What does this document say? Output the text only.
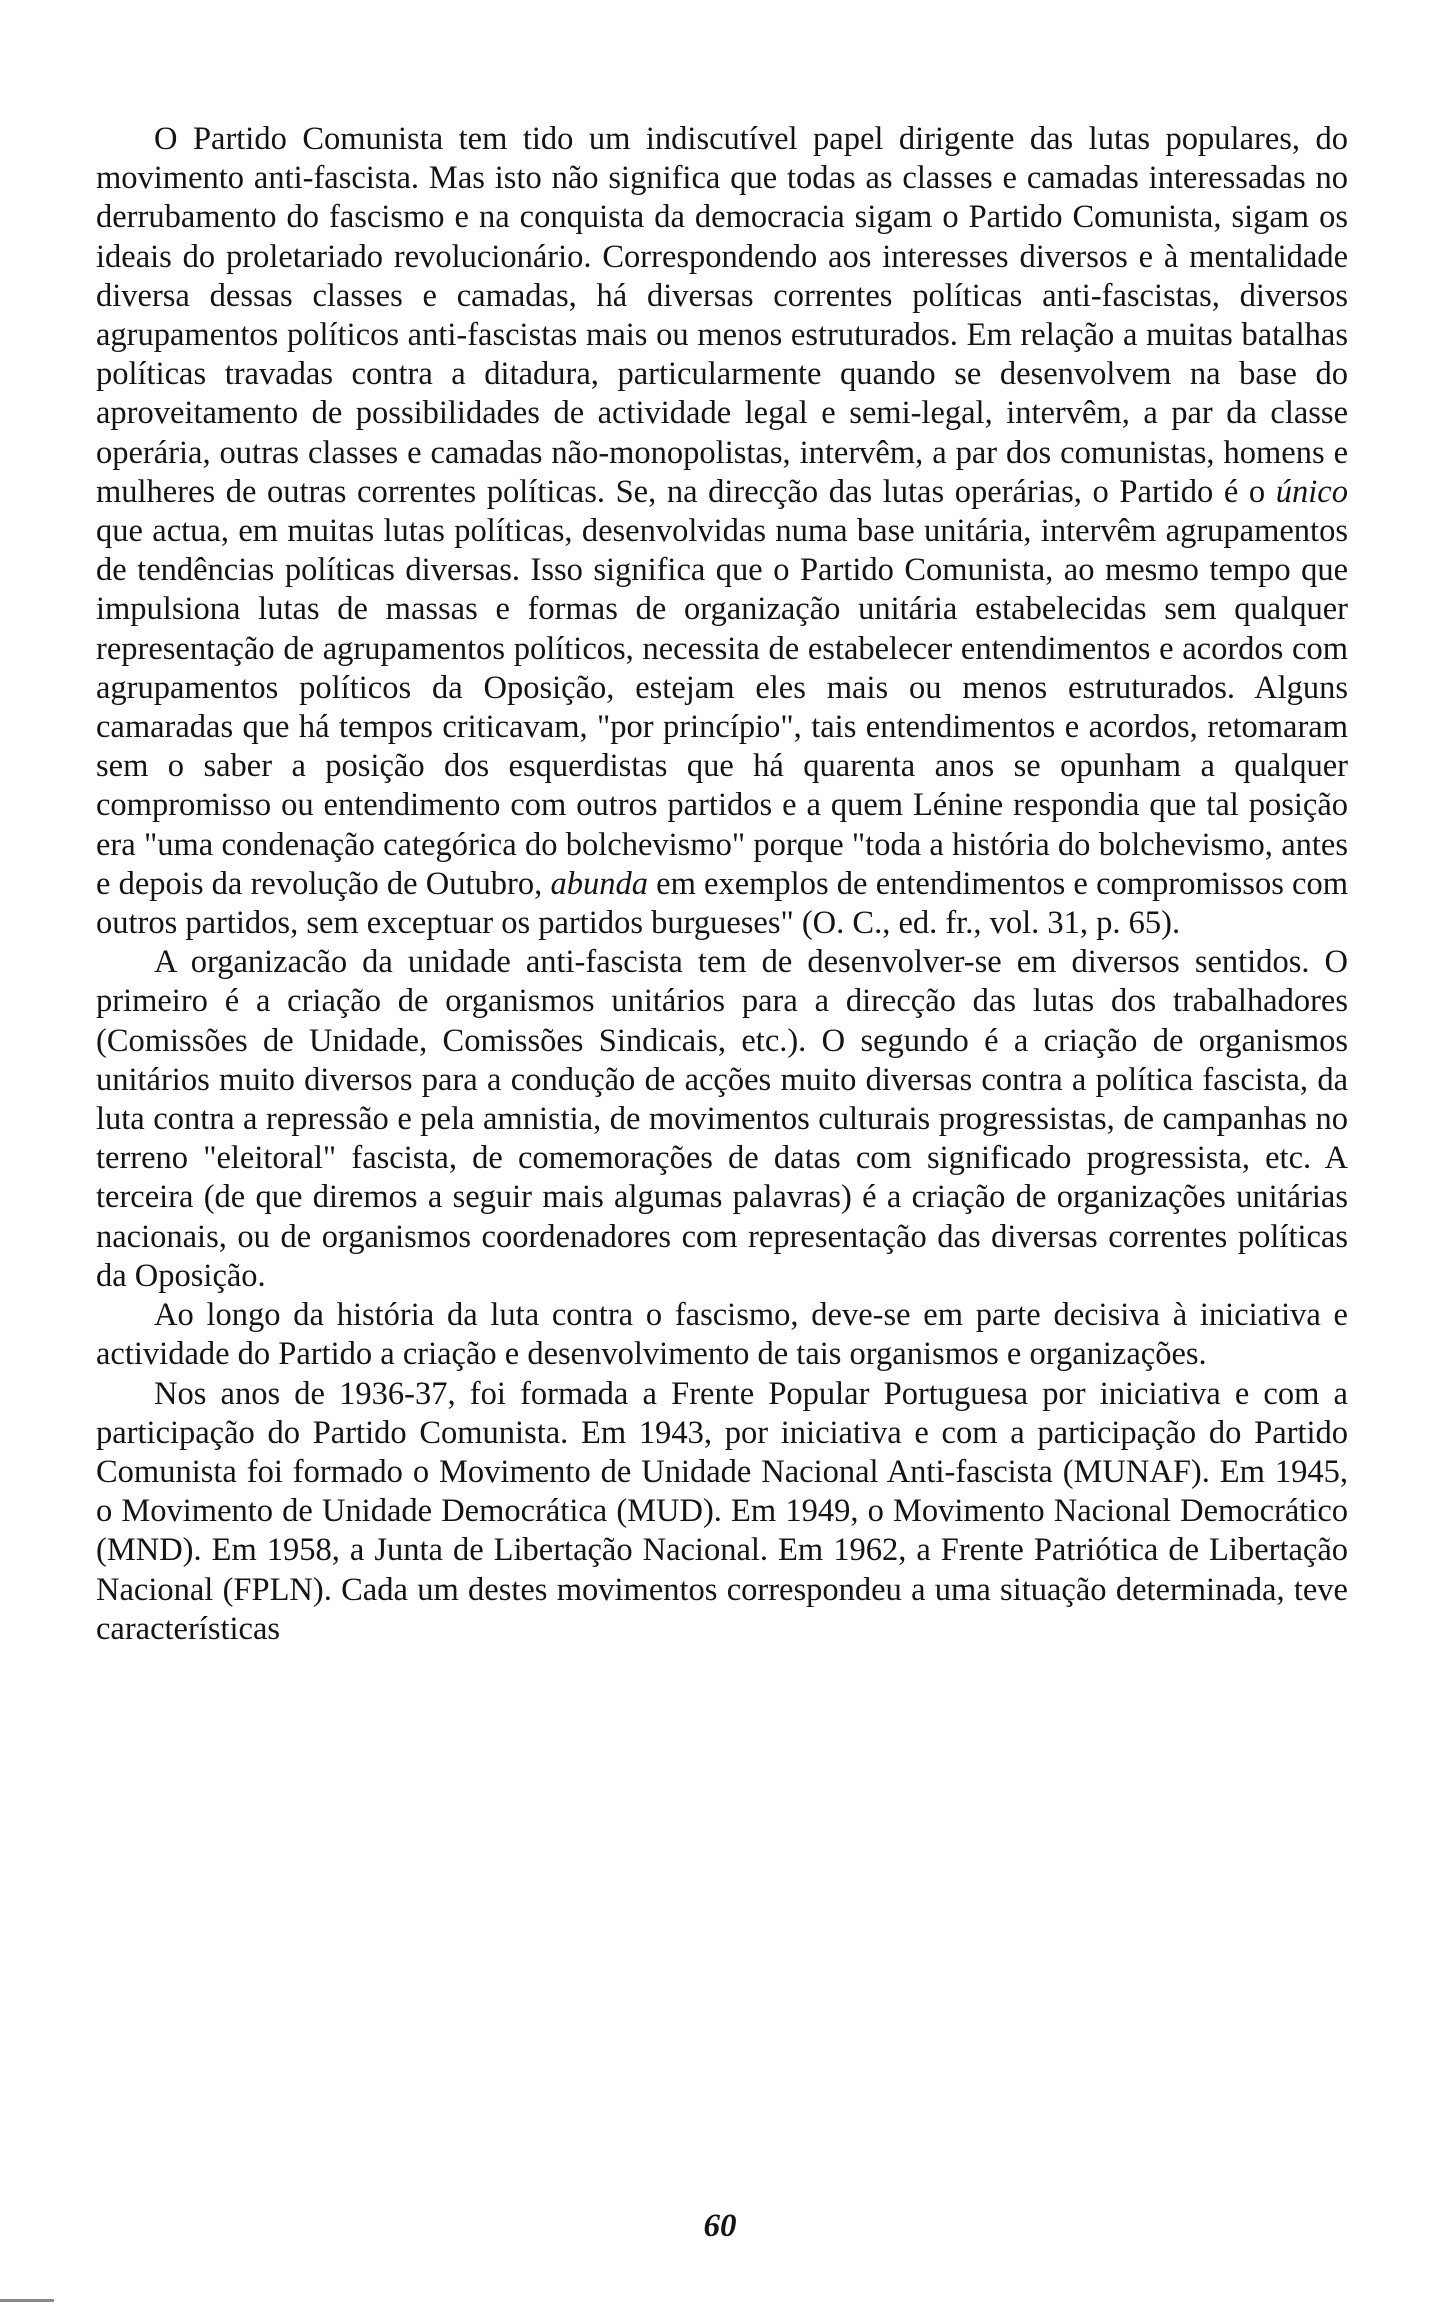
O Partido Comunista tem tido um indiscutível papel dirigente das lutas populares, do movimento anti-fascista. Mas isto não significa que todas as classes e camadas interessadas no derrubamento do fascismo e na conquista da democracia sigam o Partido Comunista, sigam os ideais do proletariado revolucionário. Correspondendo aos interesses diversos e à mentalidade diversa dessas classes e camadas, há diversas correntes políticas anti-fascistas, diversos agrupamentos políticos anti-fascistas mais ou menos estruturados. Em relação a muitas batalhas políticas travadas contra a ditadura, particularmente quando se desenvolvem na base do aproveitamento de possibilidades de actividade legal e semi-legal, intervêm, a par da classe operária, outras classes e camadas não-monopolistas, intervêm, a par dos comunistas, homens e mulheres de outras correntes políticas. Se, na direcção das lutas operárias, o Partido é o único que actua, em muitas lutas políticas, desenvolvidas numa base unitária, intervêm agrupamentos de tendências políticas diversas. Isso significa que o Partido Comunista, ao mesmo tempo que impulsiona lutas de massas e formas de organização unitária estabelecidas sem qualquer representação de agrupamentos políticos, necessita de estabelecer entendimentos e acordos com agrupamentos políticos da Oposição, estejam eles mais ou menos estruturados. Alguns camaradas que há tempos criticavam, "por princípio", tais entendimentos e acordos, retomaram sem o saber a posição dos esquerdistas que há quarenta anos se opunham a qualquer compromisso ou entendimento com outros partidos e a quem Lénine respondia que tal posição era "uma condenação categórica do bolchevismo" porque "toda a história do bolchevismo, antes e depois da revolução de Outubro, abunda em exemplos de entendimentos e compromissos com outros partidos, sem exceptuar os partidos burgueses" (O. C., ed. fr., vol. 31, p. 65).

A organizacão da unidade anti-fascista tem de desenvolver-se em diversos sentidos. O primeiro é a criação de organismos unitários para a direcção das lutas dos trabalhadores (Comissões de Unidade, Comissões Sindicais, etc.). O segundo é a criação de organismos unitários muito diversos para a condução de acções muito diversas contra a política fascista, da luta contra a repressão e pela amnistia, de movimentos culturais progressistas, de campanhas no terreno "eleitoral" fascista, de comemorações de datas com significado progressista, etc. A terceira (de que diremos a seguir mais algumas palavras) é a criação de organizações unitárias nacionais, ou de organismos coordenadores com representação das diversas correntes políticas da Oposição.

Ao longo da história da luta contra o fascismo, deve-se em parte decisiva à iniciativa e actividade do Partido a criação e desenvolvimento de tais organismos e organizações.

Nos anos de 1936-37, foi formada a Frente Popular Portuguesa por iniciativa e com a participação do Partido Comunista. Em 1943, por iniciativa e com a participação do Partido Comunista foi formado o Movimento de Unidade Nacional Anti-fascista (MUNAF). Em 1945, o Movimento de Unidade Democrática (MUD). Em 1949, o Movimento Nacional Democrático (MND). Em 1958, a Junta de Libertação Nacional. Em 1962, a Frente Patriótica de Libertação Nacional (FPLN). Cada um destes movimentos correspondeu a uma situação determinada, teve características

60
